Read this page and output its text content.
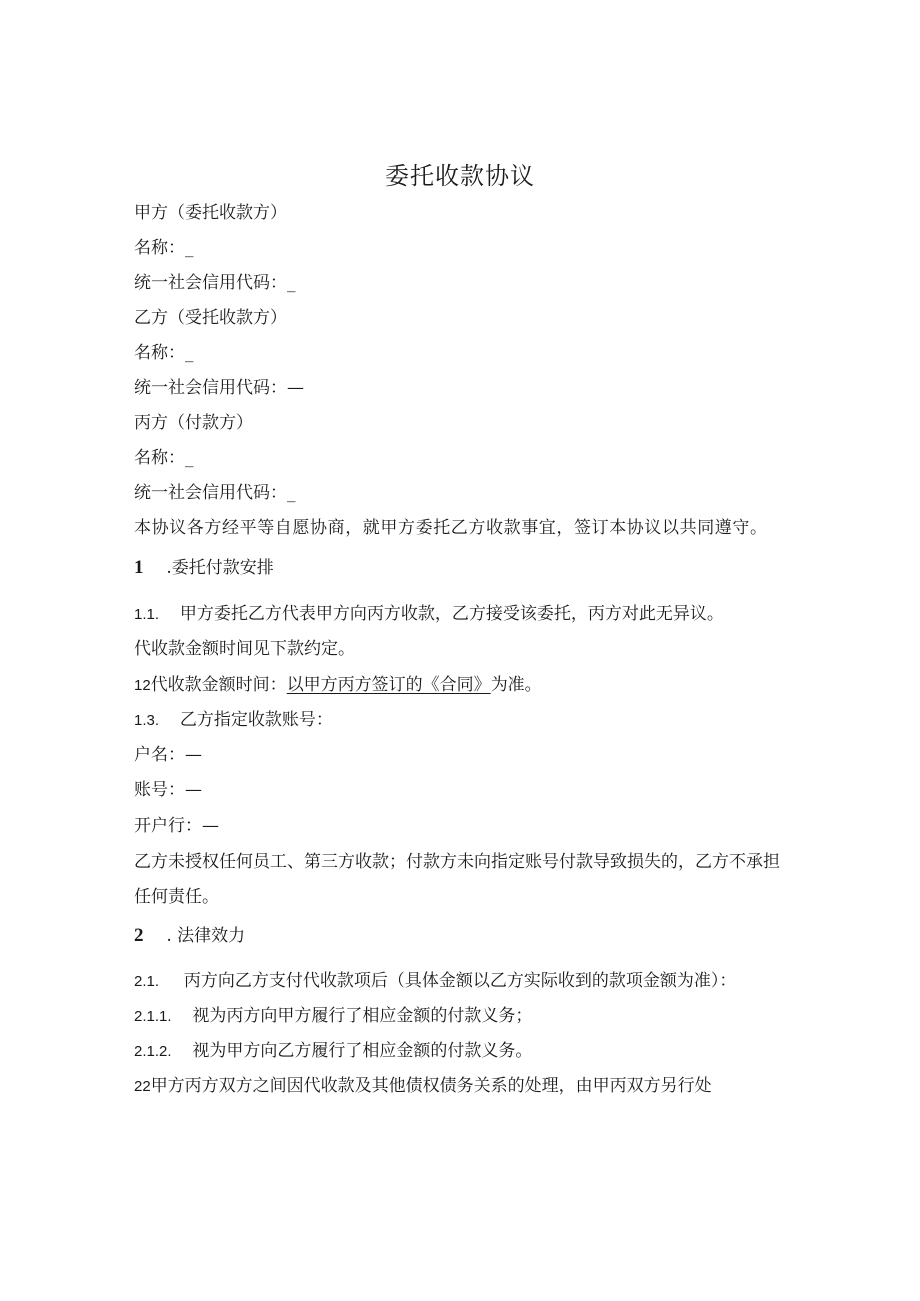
委托收款协议
甲方（委托收款方）
名称：_
统一社会信用代码：_
乙方（受托收款方）
名称：_
统一社会信用代码：—
丙方（付款方）
名称：_
统一社会信用代码：_
本协议各方经平等自愿协商，就甲方委托乙方收款事宜，签订本协议以共同遵守。
1 .委托付款安排
1.1. 甲方委托乙方代表甲方向丙方收款，乙方接受该委托，丙方对此无异议。
代收款金额时间见下款约定。
12代收款金额时间：以甲方丙方签订的《合同》为准。
1.3. 乙方指定收款账号：
户名：—
账号：—
开户行：—
乙方未授权任何员工、第三方收款；付款方未向指定账号付款导致损失的，乙方不承担
任何责任。
2 . 法律效力
2.1. 丙方向乙方支付代收款项后（具体金额以乙方实际收到的款项金额为准）：
2.1.1. 视为丙方向甲方履行了相应金额的付款义务；
2.1.2. 视为甲方向乙方履行了相应金额的付款义务。
22甲方丙方双方之间因代收款及其他债权债务关系的处理，由甲丙双方另行处
